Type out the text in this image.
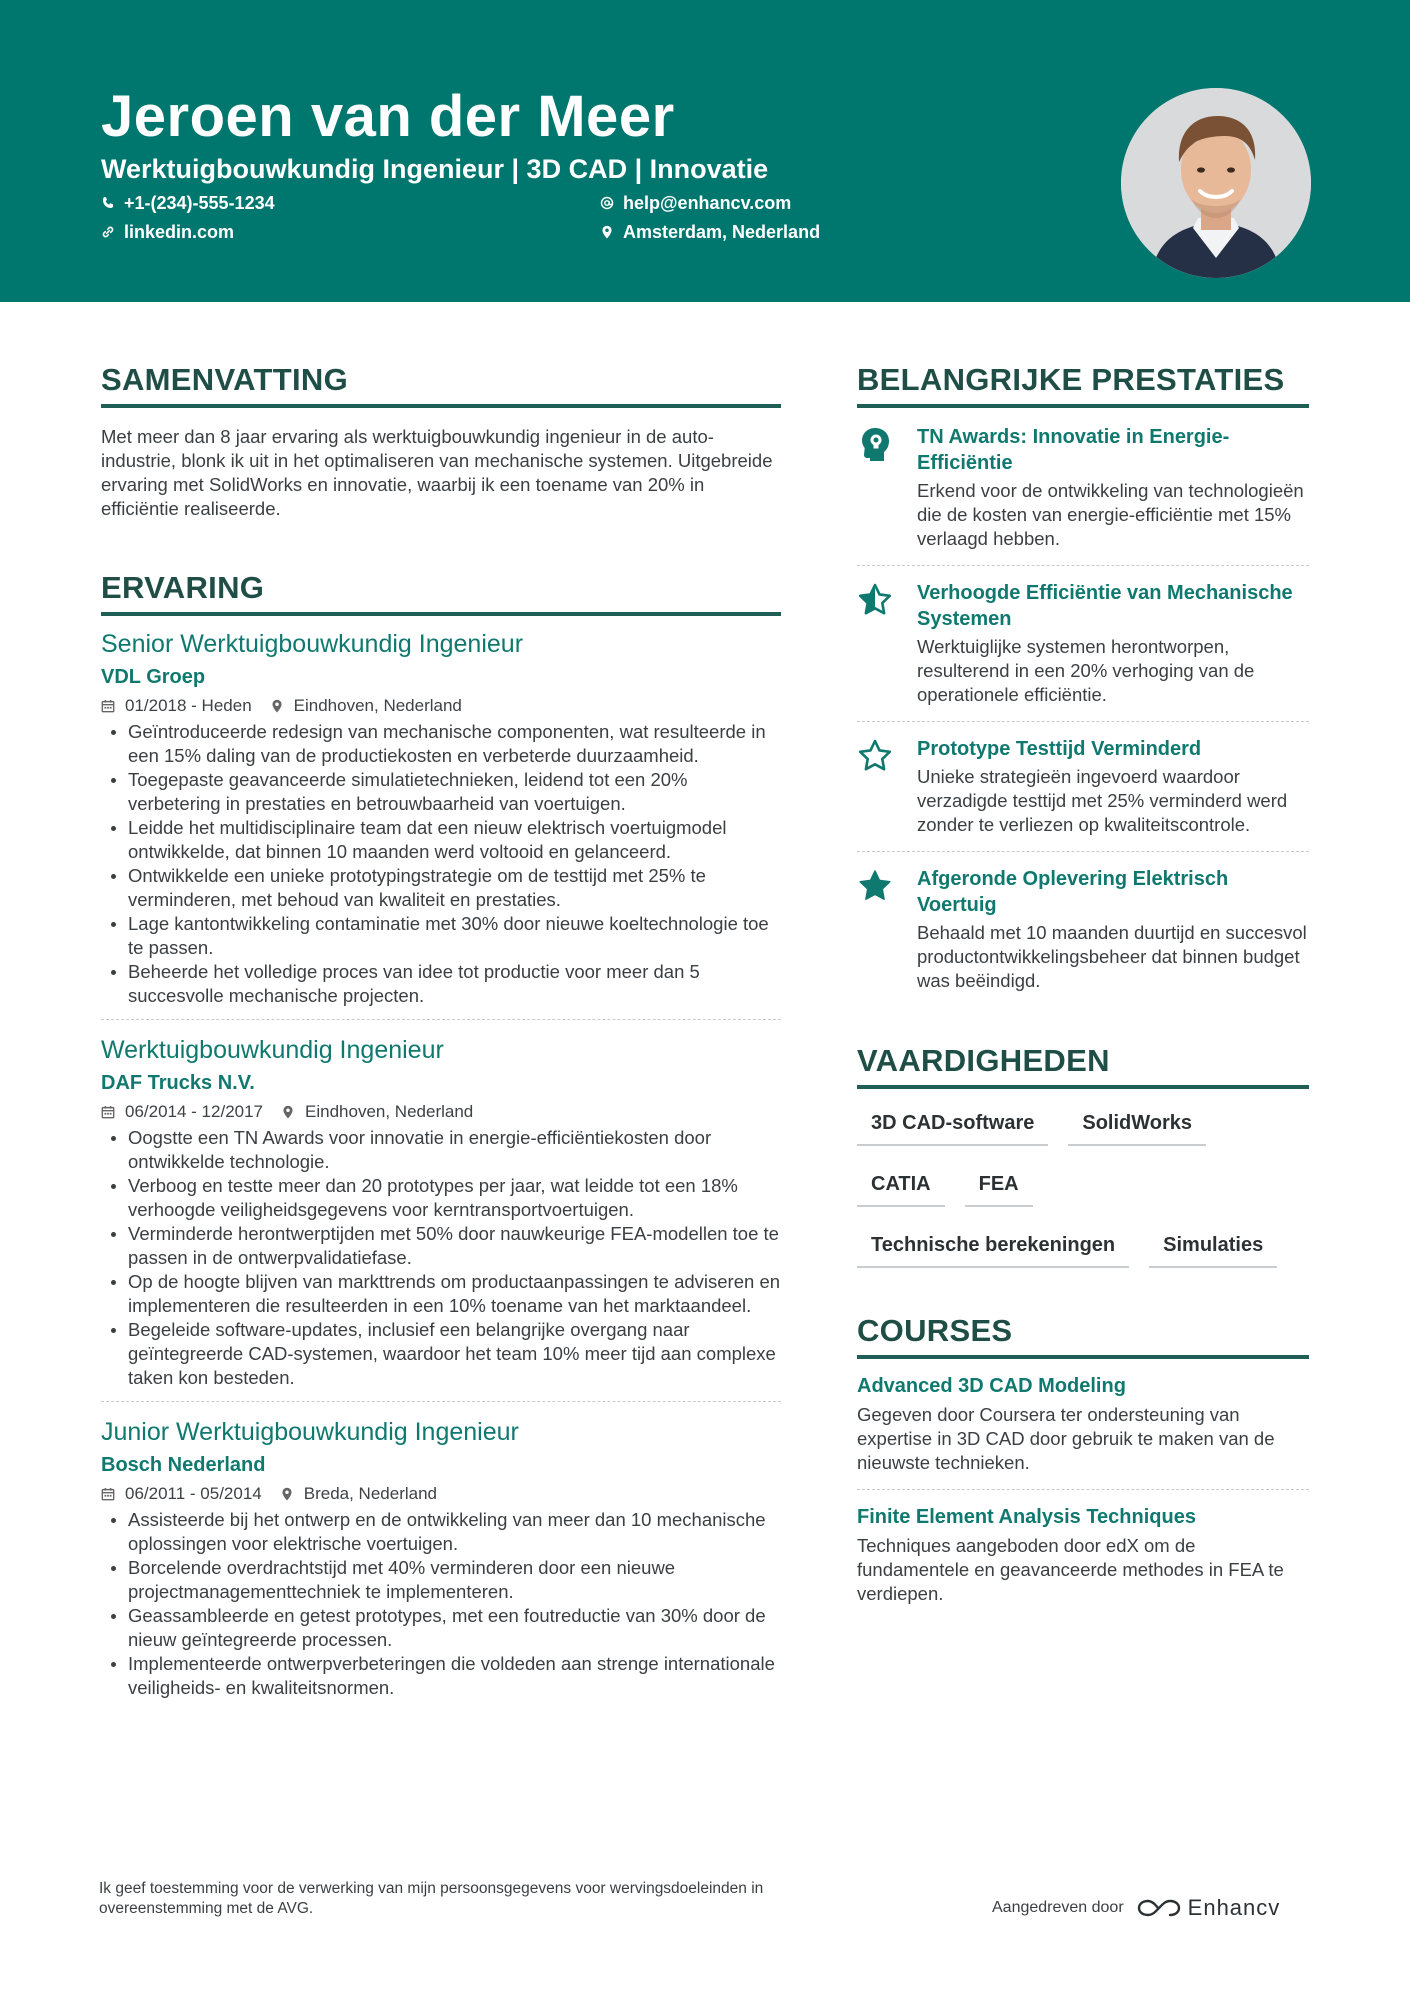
Jeroen van der Meer
Werktuigbouwkundig Ingenieur | 3D CAD | Innovatie
+1-(234)-555-1234	help@enhancv.com
linkedin.com	Amsterdam, Nederland
SAMENVATTING

Met meer dan 8 jaar ervaring als werktuigbouwkundig ingenieur in de auto-industrie, blonk ik uit in het optimaliseren van mechanische systemen. Uitgebreide ervaring met SolidWorks en innovatie, waarbij ik een toename van 20% in efficiëntie realiseerde.

ERVARING
Senior Werktuigbouwkundig Ingenieur
VDL Groep
01/2018 - Heden Eindhoven, Nederland
Geïntroduceerde redesign van mechanische componenten, wat resulteerde in een 15% daling van de productiekosten en verbeterde duurzaamheid.
Toegepaste geavanceerde simulatietechnieken, leidend tot een 20% verbetering in prestaties en betrouwbaarheid van voertuigen.
Leidde het multidisciplinaire team dat een nieuw elektrisch voertuigmodel ontwikkelde, dat binnen 10 maanden werd voltooid en gelanceerd.
Ontwikkelde een unieke prototypingstrategie om de testtijd met 25% te verminderen, met behoud van kwaliteit en prestaties.
Lage kantontwikkeling contaminatie met 30% door nieuwe koeltechnologie toe te passen.
Beheerde het volledige proces van idee tot productie voor meer dan 5 succesvolle mechanische projecten.
Werktuigbouwkundig Ingenieur
DAF Trucks N.V.
06/2014 - 12/2017 Eindhoven, Nederland
Oogstte een TN Awards voor innovatie in energie-efficiëntiekosten door ontwikkelde technologie.
Verboog en testte meer dan 20 prototypes per jaar, wat leidde tot een 18% verhoogde veiligheidsgegevens voor kerntransportvoertuigen.
Verminderde herontwerptijden met 50% door nauwkeurige FEA-modellen toe te passen in de ontwerpvalidatiefase.
Op de hoogte blijven van markttrends om productaanpassingen te adviseren en implementeren die resulteerden in een 10% toename van het marktaandeel.
Begeleide software-updates, inclusief een belangrijke overgang naar geïntegreerde CAD-systemen, waardoor het team 10% meer tijd aan complexe taken kon besteden.
Junior Werktuigbouwkundig Ingenieur
Bosch Nederland
06/2011 - 05/2014 Breda, Nederland
Assisteerde bij het ontwerp en de ontwikkeling van meer dan 10 mechanische oplossingen voor elektrische voertuigen.
Borcelende overdrachtstijd met 40% verminderen door een nieuwe projectmanagementtechniek te implementeren.
Geassambleerde en getest prototypes, met een foutreductie van 30% door de nieuw geïntegreerde processen.
Implementeerde ontwerpverbeteringen die voldeden aan strenge internationale veiligheids- en kwaliteitsnormen.
BELANGRIJKE PRESTATIES
TN Awards: Innovatie in Energie-Efficiëntie
Erkend voor de ontwikkeling van technologieën die de kosten van energie-efficiëntie met 15% verlaagd hebben.
Verhoogde Efficiëntie van Mechanische Systemen
Werktuiglijke systemen herontworpen, resulterend in een 20% verhoging van de operationele efficiëntie.
Prototype Testtijd Verminderd
Unieke strategieën ingevoerd waardoor verzadigde testtijd met 25% verminderd werd zonder te verliezen op kwaliteitscontrole.
Afgeronde Oplevering Elektrisch Voertuig
Behaald met 10 maanden duurtijd en succesvol productontwikkelingsbeheer dat binnen budget was beëindigd.
VAARDIGHEDEN
3D CAD-software	SolidWorks
CATIA	FEA
Technische berekeningen	Simulaties
COURSES
Advanced 3D CAD Modeling
Gegeven door Coursera ter ondersteuning van expertise in 3D CAD door gebruik te maken van de nieuwste technieken.
Finite Element Analysis Techniques
Techniques aangeboden door edX om de fundamentele en geavanceerde methodes in FEA te verdiepen.
Ik geef toestemming voor de verwerking van mijn persoonsgegevens voor wervingsdoeleinden in overeenstemming met de AVG.	Aangedreven door	Enhancv
